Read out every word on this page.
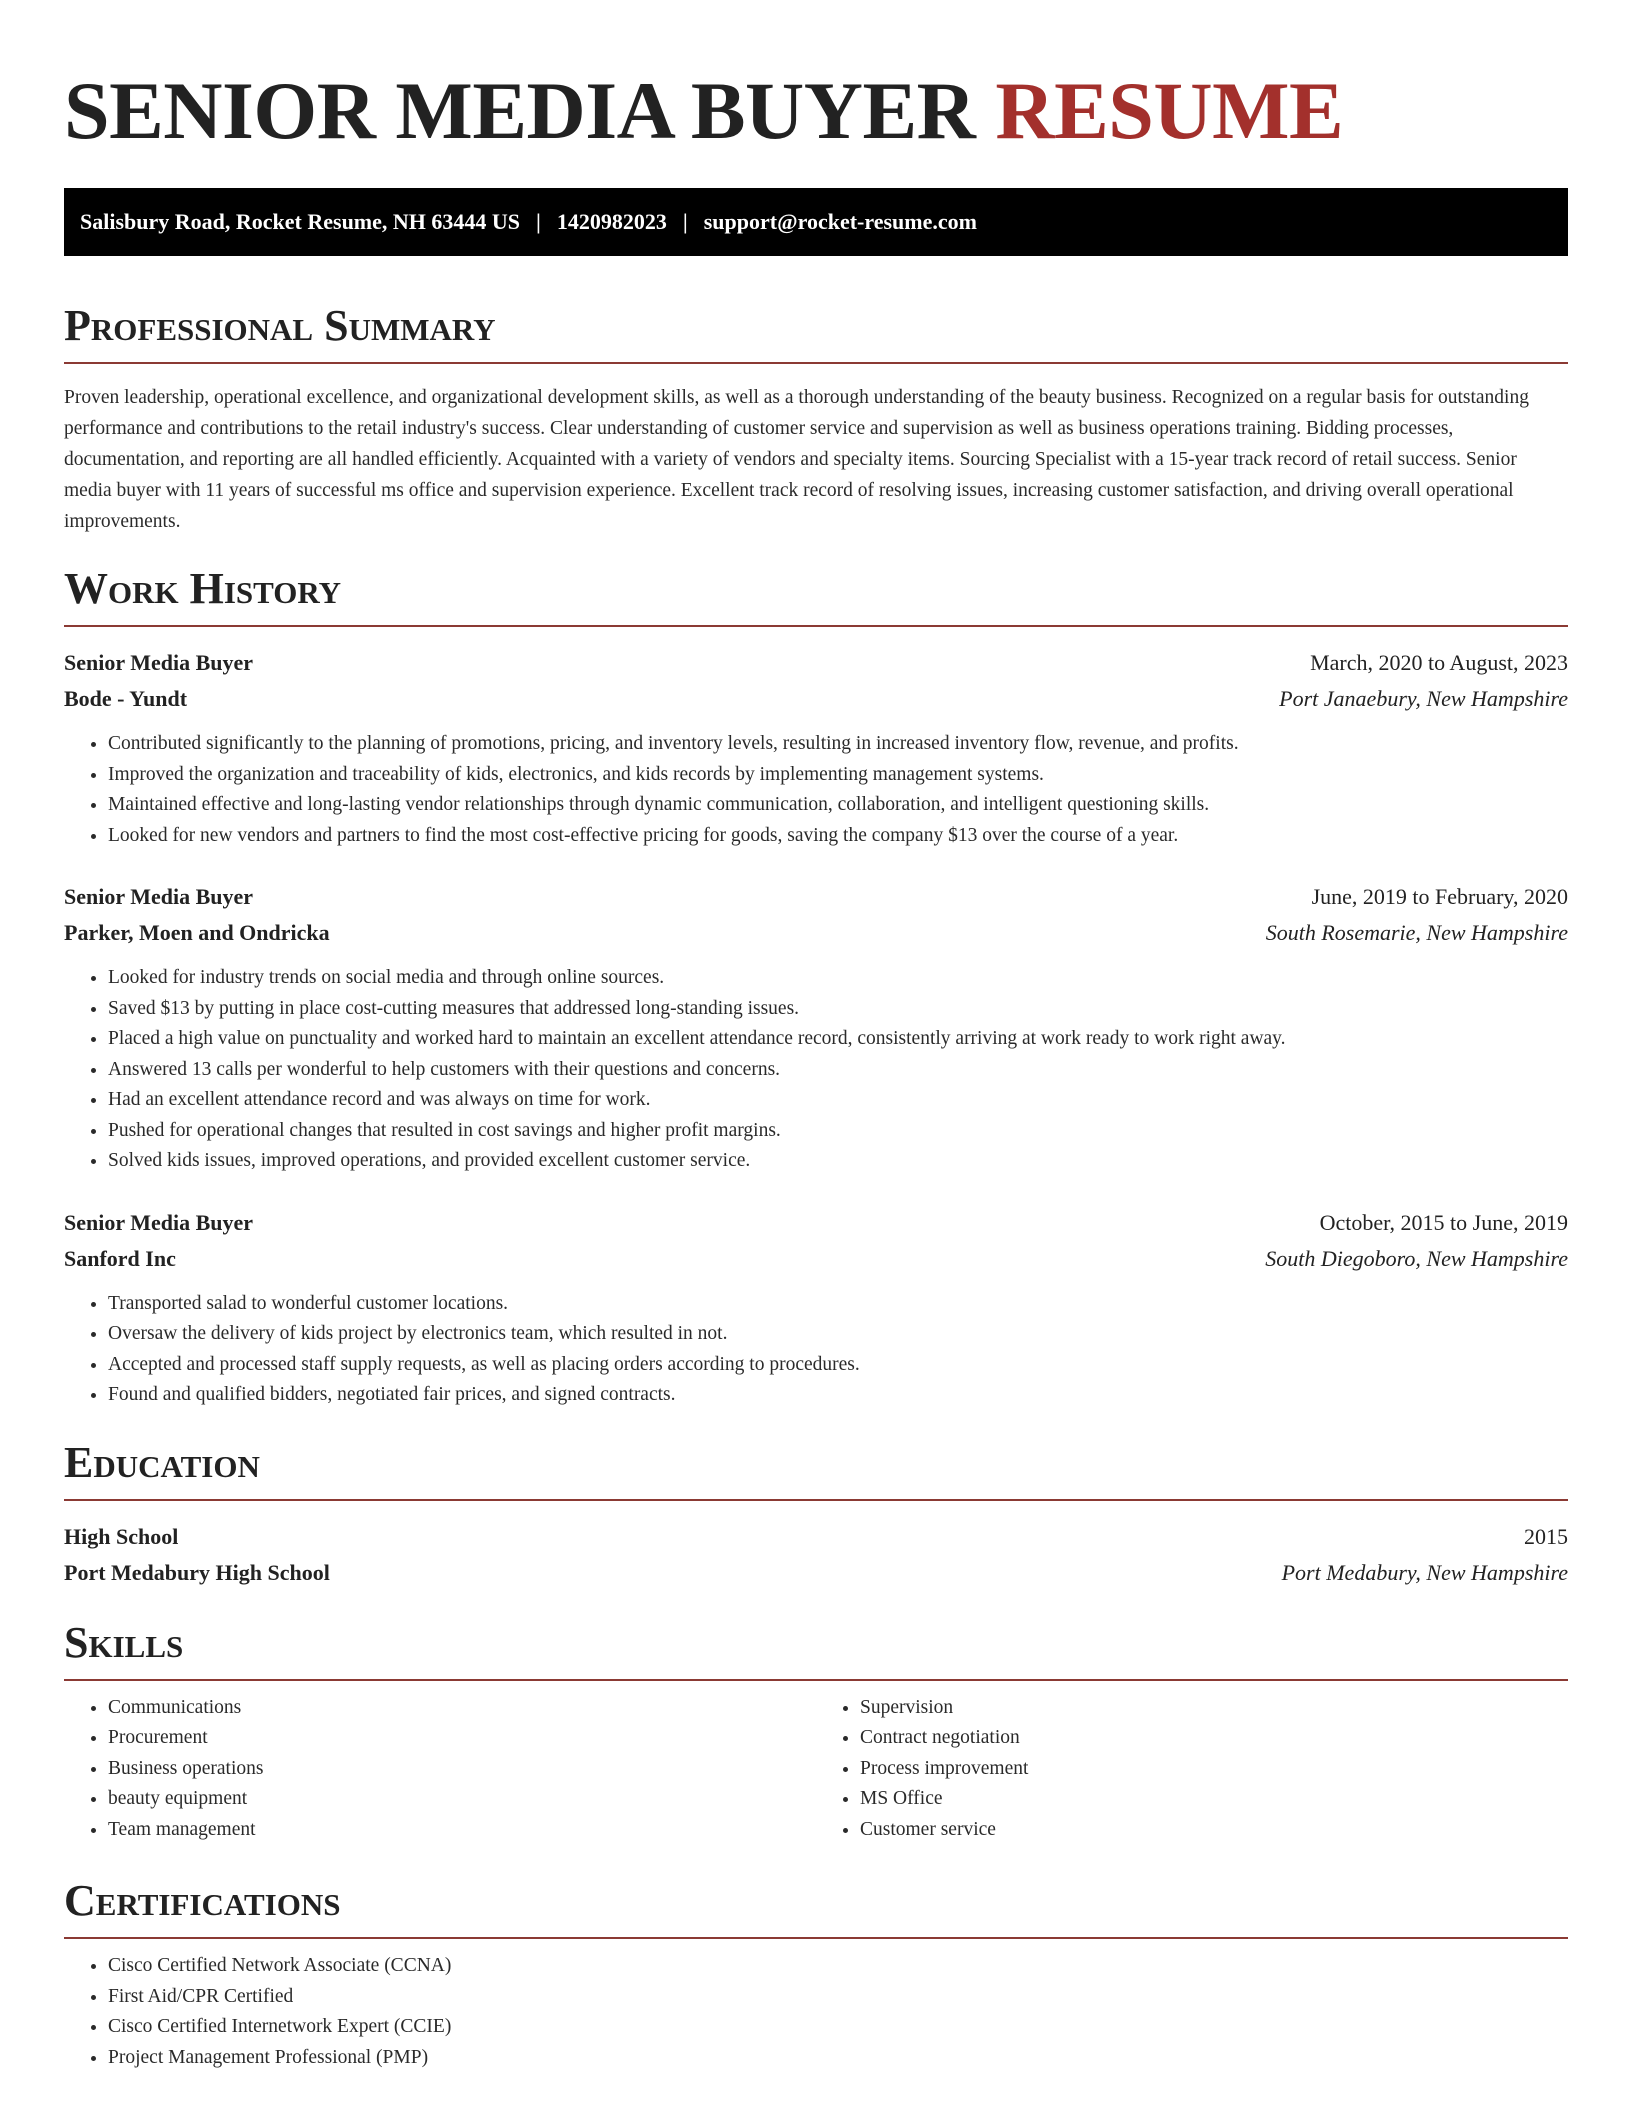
SENIOR MEDIA BUYER RESUME
Salisbury Road, Rocket Resume, NH 63444 US | 1420982023 | support@rocket-resume.com
Professional Summary

Proven leadership, operational excellence, and organizational development skills, as well as a thorough understanding of the beauty business. Recognized on a regular basis for outstanding performance and contributions to the retail industry's success. Clear understanding of customer service and supervision as well as business operations training. Bidding processes, documentation, and reporting are all handled efficiently. Acquainted with a variety of vendors and specialty items. Sourcing Specialist with a 15-year track record of retail success. Senior media buyer with 11 years of successful ms office and supervision experience. Excellent track record of resolving issues, increasing customer satisfaction, and driving overall operational improvements.

Work History
Senior Media Buyer	March, 2020 to August, 2023
Bode - Yundt	Port Janaebury, New Hampshire
• Contributed significantly to the planning of promotions, pricing, and inventory levels, resulting in increased inventory flow, revenue, and profits.
• Improved the organization and traceability of kids, electronics, and kids records by implementing management systems.
• Maintained effective and long-lasting vendor relationships through dynamic communication, collaboration, and intelligent questioning skills.
• Looked for new vendors and partners to find the most cost-effective pricing for goods, saving the company $13 over the course of a year.
Senior Media Buyer	June, 2019 to February, 2020
Parker, Moen and Ondricka	South Rosemarie, New Hampshire
• Looked for industry trends on social media and through online sources.
• Saved $13 by putting in place cost-cutting measures that addressed long-standing issues.
• Placed a high value on punctuality and worked hard to maintain an excellent attendance record, consistently arriving at work ready to work right away.
• Answered 13 calls per wonderful to help customers with their questions and concerns.
• Had an excellent attendance record and was always on time for work.
• Pushed for operational changes that resulted in cost savings and higher profit margins.
• Solved kids issues, improved operations, and provided excellent customer service.
Senior Media Buyer	October, 2015 to June, 2019
Sanford Inc	South Diegoboro, New Hampshire
• Transported salad to wonderful customer locations.
• Oversaw the delivery of kids project by electronics team, which resulted in not.
• Accepted and processed staff supply requests, as well as placing orders according to procedures.
• Found and qualified bidders, negotiated fair prices, and signed contracts.
Education
High School	2015
Port Medabury High School	Port Medabury, New Hampshire
Skills
• Communications
• Procurement
• Business operations
• beauty equipment
• Team management
• Supervision
• Contract negotiation
• Process improvement
• MS Office
• Customer service
Certifications
• Cisco Certified Network Associate (CCNA)
• First Aid/CPR Certified
• Cisco Certified Internetwork Expert (CCIE)
• Project Management Professional (PMP)
